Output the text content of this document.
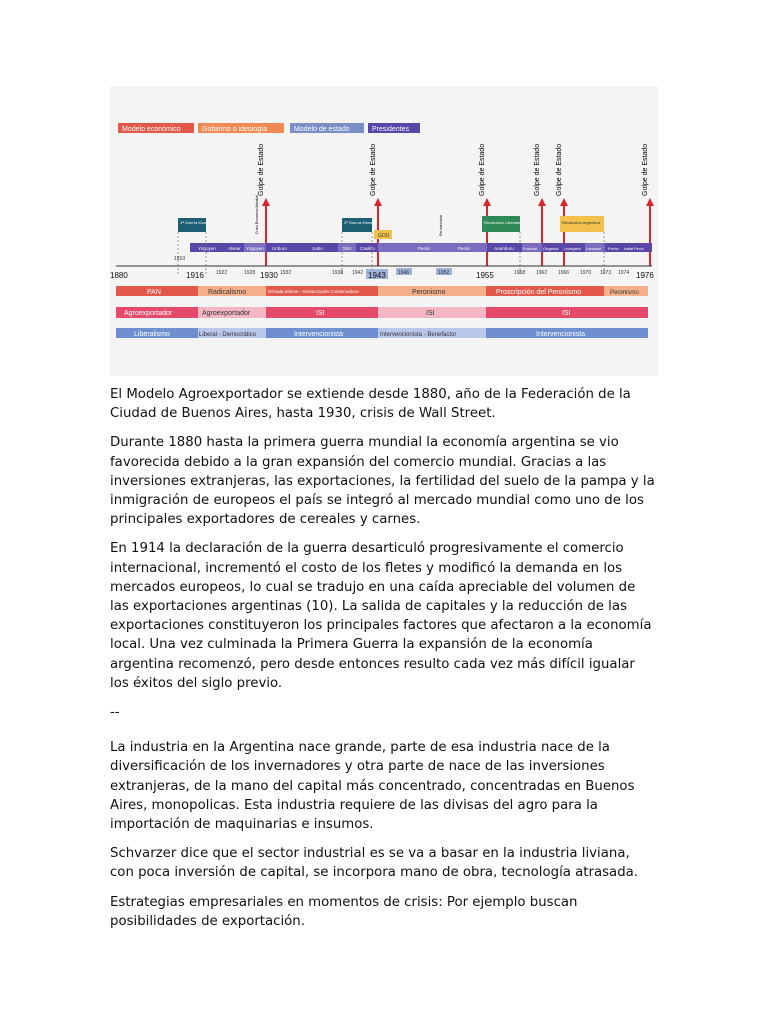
Modelo económico	Gobierno o ideología	Modelo de estado	Presidentes
Golpe de Estado	Golpe de Estado	Golpe de Estado	Golpe de Estado Golpe de Estado	Golpe de Estado
1ª Guerra Mundial	2ª Guerra Mundial
GOU
Revolución Libertadora	Revolución Argentina
Crisis Economía Mundial	Re-elección
Yrigoyen	Alvear Yrigoyen Uriburu	Justo	Ortiz Castillo	Perón	Perón	Aramburu Frondizi Onganía Levingston Lanusse Perón Isabel Perón
1880	1916	1930	1943	1955	1976
1910
1922	1928	1932	1938 1942	1946	1952	1958 1962 1966 1970 1973 1974
PAN	Radicalismo	Década Infame - Restauración Conservadora	Peronismo	Proscripción del Peronismo	Peronismo
Agroexportador	Agroexportador	ISI	ISI	ISI
Liberalismo	Liberal - Democrático	Intervencionista	Intervencionista - Benefactor	Intervencionista

El Modelo Agroexportador se extiende desde 1880, año de la Federación de la Ciudad de Buenos Aires, hasta 1930, crisis de Wall Street.

Durante 1880 hasta la primera guerra mundial la economía argentina se vio favorecida debido a la gran expansión del comercio mundial. Gracias a las inversiones extranjeras, las exportaciones, la fertilidad del suelo de la pampa y la inmigración de europeos el país se integró al mercado mundial como uno de los principales exportadores de cereales y carnes.

En 1914 la declaración de la guerra desarticuló progresivamente el comercio internacional, incrementó el costo de los fletes y modificó la demanda en los mercados europeos, lo cual se tradujo en una caída apreciable del volumen de las exportaciones argentinas (10). La salida de capitales y la reducción de las exportaciones constituyeron los principales factores que afectaron a la economía local. Una vez culminada la Primera Guerra la expansión de la economía argentina recomenzó, pero desde entonces resulto cada vez más difícil igualar los éxitos del siglo previo.

--

La industria en la Argentina nace grande, parte de esa industria nace de la diversificación de los invernadores y otra parte de nace de las inversiones extranjeras, de la mano del capital más concentrado, concentradas en Buenos Aires, monopolicas. Esta industria requiere de las divisas del agro para la importación de maquinarias e insumos.

Schvarzer dice que el sector industrial es se va a basar en la industria liviana, con poca inversión de capital, se incorpora mano de obra, tecnología atrasada.

Estrategias empresariales en momentos de crisis: Por ejemplo buscan posibilidades de exportación.
